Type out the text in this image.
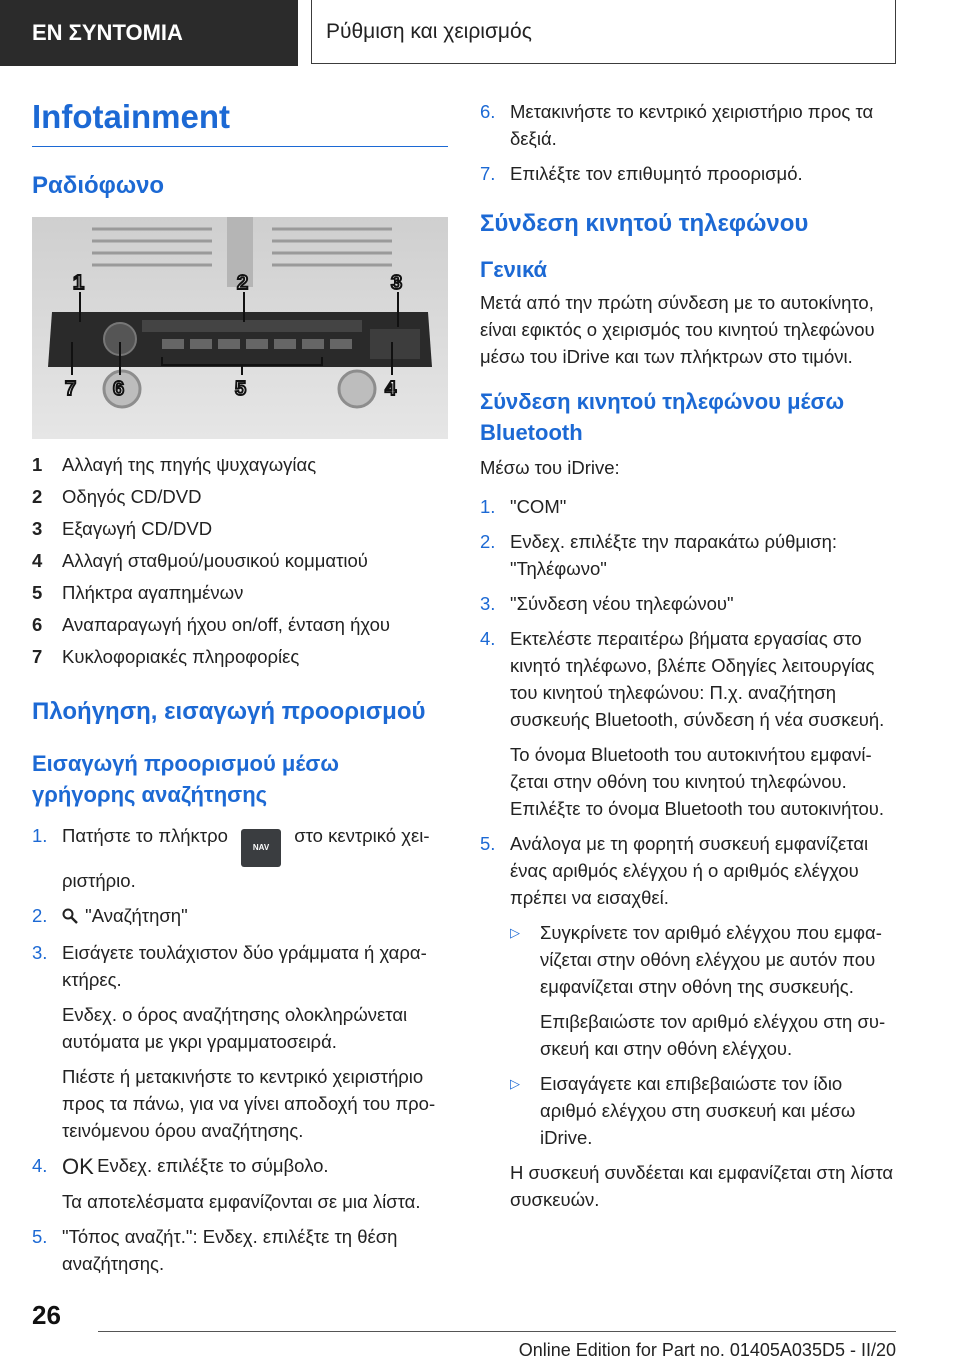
ΕΝ ΣΥΝΤΟΜΙΑ	Ρύθμιση και χειρισμός
Infotainment
Ραδιόφωνο
1	2	3
4
5
6
7
1	Αλλαγή της πηγής ψυχαγωγίας
2	Οδηγός CD/DVD
3	Εξαγωγή CD/DVD
4	Αλλαγή σταθμού/μουσικού κομματιού
5	Πλήκτρα αγαπημένων
6	Αναπαραγωγή ήχου on/off, ένταση ήχου
7	Κυκλοφοριακές πληροφορίες
Πλοήγηση, εισαγωγή προορισμού
Εισαγωγή προορισμού μέσω γρήγορης αναζήτησης
1. Πατήστε το πλήκτρο NAV στο κεντρικό χειριστήριο.
2.	"Αναζήτηση"
3. Εισάγετε τουλάχιστον δύο γράμματα ή χαρακτήρες.
Ενδεχ. ο όρος αναζήτησης ολοκληρώνεται αυτόματα με γκρι γραμματοσειρά.
Πιέστε ή μετακινήστε το κεντρικό χειριστήριο προς τα πάνω, για να γίνει αποδοχή του προτεινόμενου όρου αναζήτησης.
4. OK Ενδεχ. επιλέξτε το σύμβολο.
Τα αποτελέσματα εμφανίζονται σε μια λίστα.
5. "Τόπος αναζήτ.": Ενδεχ. επιλέξτε τη θέση αναζήτησης.
6. Μετακινήστε το κεντρικό χειριστήριο προς τα δεξιά.
7. Επιλέξτε τον επιθυμητό προορισμό.
Σύνδεση κινητού τηλεφώνου
Γενικά

Μετά από την πρώτη σύνδεση με το αυτοκίνητο, είναι εφικτός ο χειρισμός του κινητού τηλεφώνου μέσω του iDrive και των πλήκτρων στο τιμόνι.

Σύνδεση κινητού τηλεφώνου μέσω Bluetooth

Μέσω του iDrive:

1. "COM"
2. Ενδεχ. επιλέξτε την παρακάτω ρύθμιση: "Τηλέφωνο"
3. "Σύνδεση νέου τηλεφώνου"
4. Εκτελέστε περαιτέρω βήματα εργασίας στο κινητό τηλέφωνο, βλέπε Οδηγίες λειτουργίας του κινητού τηλεφώνου: Π.χ. αναζήτηση συσκευής Bluetooth, σύνδεση ή νέα συσκευή.
Το όνομα Bluetooth του αυτοκινήτου εμφανίζεται στην οθόνη του κινητού τηλεφώνου. Επιλέξτε το όνομα Bluetooth του αυτοκινήτου.
5. Ανάλογα με τη φορητή συσκευή εμφανίζεται ένας αριθμός ελέγχου ή ο αριθμός ελέγχου πρέπει να εισαχθεί.
▷	Συγκρίνετε τον αριθμό ελέγχου που εμφανίζεται στην οθόνη ελέγχου με αυτόν που εμφανίζεται στην οθόνη της συσκευής.
Επιβεβαιώστε τον αριθμό ελέγχου στη συσκευή και στην οθόνη ελέγχου.
▷	Εισαγάγετε και επιβεβαιώστε τον ίδιο αριθμό ελέγχου στη συσκευή και μέσω iDrive.
Η συσκευή συνδέεται και εμφανίζεται στη λίστα συσκευών.
26
Online Edition for Part no. 01405A035D5 - II/20
